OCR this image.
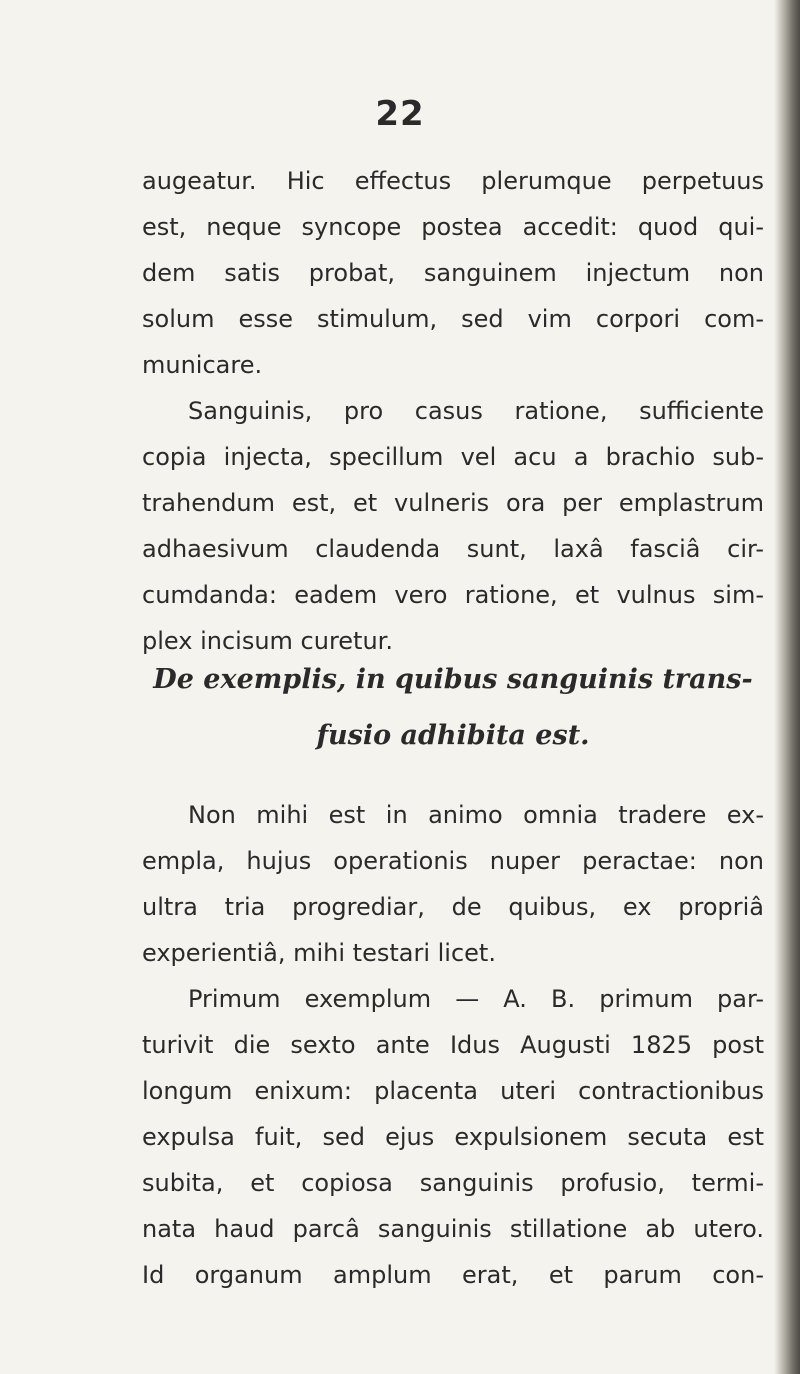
22
augeatur. Hic effectus plerumque perpetuus
est, neque syncope postea accedit: quod qui-
dem satis probat, sanguinem injectum non
solum esse stimulum, sed vim corpori com-
municare.
Sanguinis, pro casus ratione, sufficiente
copia injecta, specillum vel acu a brachio sub-
trahendum est, et vulneris ora per emplastrum
adhaesivum claudenda sunt, laxâ fasciâ cir-
cumdanda: eadem vero ratione, et vulnus sim-
plex incisum curetur.
De exemplis, in quibus sanguinis trans-
fusio adhibita est.
Non mihi est in animo omnia tradere ex-
empla, hujus operationis nuper peractae: non
ultra tria progrediar, de quibus, ex propriâ
experientiâ, mihi testari licet.
Primum exemplum — A. B. primum par-
turivit die sexto ante Idus Augusti 1825 post
longum enixum: placenta uteri contractionibus
expulsa fuit, sed ejus expulsionem secuta est
subita, et copiosa sanguinis profusio, termi-
nata haud parcâ sanguinis stillatione ab utero.
Id organum amplum erat, et parum con-
